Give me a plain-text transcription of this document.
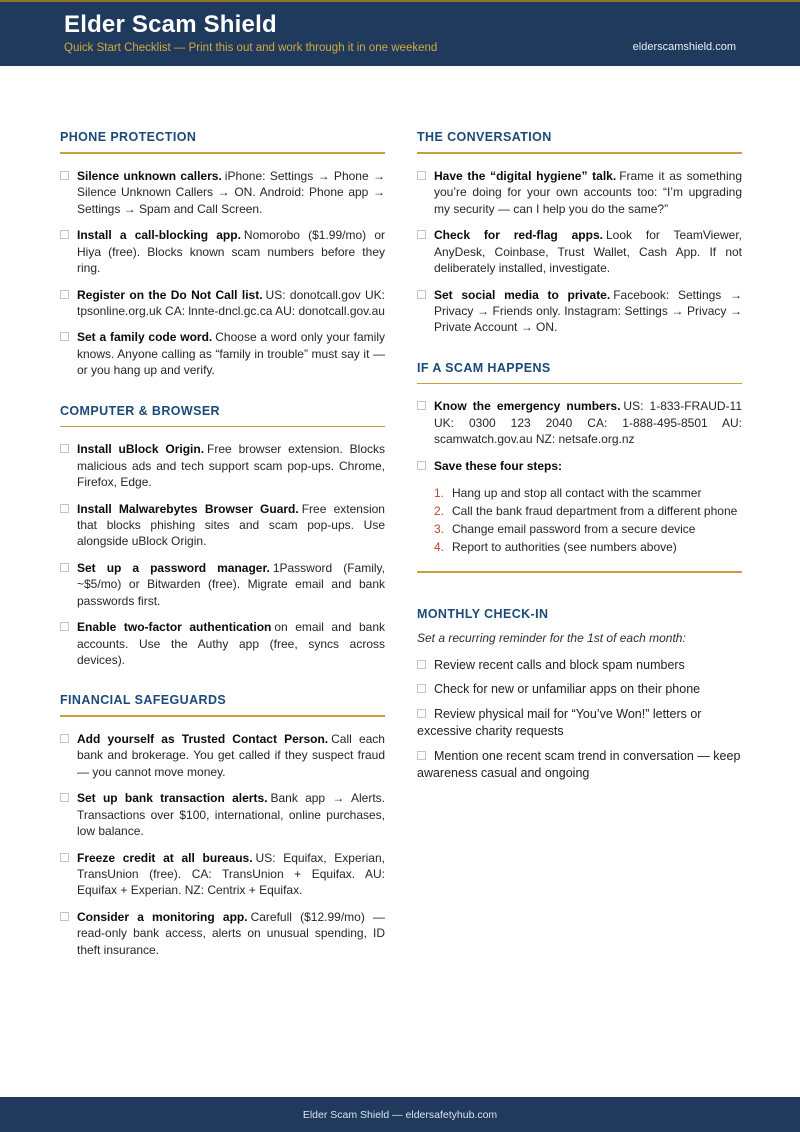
Elder Scam Shield
Quick Start Checklist — Print this out and work through it in one weekend	elderscamshield.com
PHONE PROTECTION

Silence unknown callers. iPhone: Settings → Phone → Silence Unknown Callers → ON. Android: Phone app → Settings → Spam and Call Screen.

Install a call-blocking app. Nomorobo ($1.99/mo) or Hiya (free). Blocks known scam numbers before they ring.

Register on the Do Not Call list. US: donotcall.gov UK: tpsonline.org.uk CA: lnnte-dncl.gc.ca AU: donotcall.gov.au

Set a family code word. Choose a word only your family knows. Anyone calling as “family in trouble” must say it — or you hang up and verify.

COMPUTER & BROWSER

Install uBlock Origin. Free browser extension. Blocks malicious ads and tech support scam pop-ups. Chrome, Firefox, Edge.

Install Malwarebytes Browser Guard. Free extension that blocks phishing sites and scam pop-ups. Use alongside uBlock Origin.

Set up a password manager. 1Password (Family, ~$5/mo) or Bitwarden (free). Migrate email and bank passwords first.

Enable two-factor authentication on email and bank accounts. Use the Authy app (free, syncs across devices).

FINANCIAL SAFEGUARDS

Add yourself as Trusted Contact Person. Call each bank and brokerage. You get called if they suspect fraud — you cannot move money.

Set up bank transaction alerts. Bank app → Alerts. Transactions over $100, international, online purchases, low balance.

Freeze credit at all bureaus. US: Equifax, Experian, TransUnion (free). CA: TransUnion + Equifax. AU: Equifax + Experian. NZ: Centrix + Equifax.

Consider a monitoring app. Carefull ($12.99/mo) — read-only bank access, alerts on unusual spending, ID theft insurance.

THE CONVERSATION

Have the “digital hygiene” talk. Frame it as something you’re doing for your own accounts too: “I’m upgrading my security — can I help you do the same?”

Check for red-flag apps. Look for TeamViewer, AnyDesk, Coinbase, Trust Wallet, Cash App. If not deliberately installed, investigate.

Set social media to private. Facebook: Settings → Privacy → Friends only. Instagram: Settings → Privacy → Private Account → ON.

IF A SCAM HAPPENS

Know the emergency numbers. US: 1-833-FRAUD-11 UK: 0300 123 2040 CA: 1-888-495-8501 AU: scamwatch.gov.au NZ: netsafe.org.nz

Save these four steps:

1. Hang up and stop all contact with the scammer
2. Call the bank fraud department from a different phone
3. Change email password from a secure device
4. Report to authorities (see numbers above)
MONTHLY CHECK-IN
Set a recurring reminder for the 1st of each month:
Review recent calls and block spam numbers
Check for new or unfamiliar apps on their phone
Review physical mail for “You’ve Won!” letters or excessive charity requests
Mention one recent scam trend in conversation — keep awareness casual and ongoing
Elder Scam Shield — eldersafetyhub.com
